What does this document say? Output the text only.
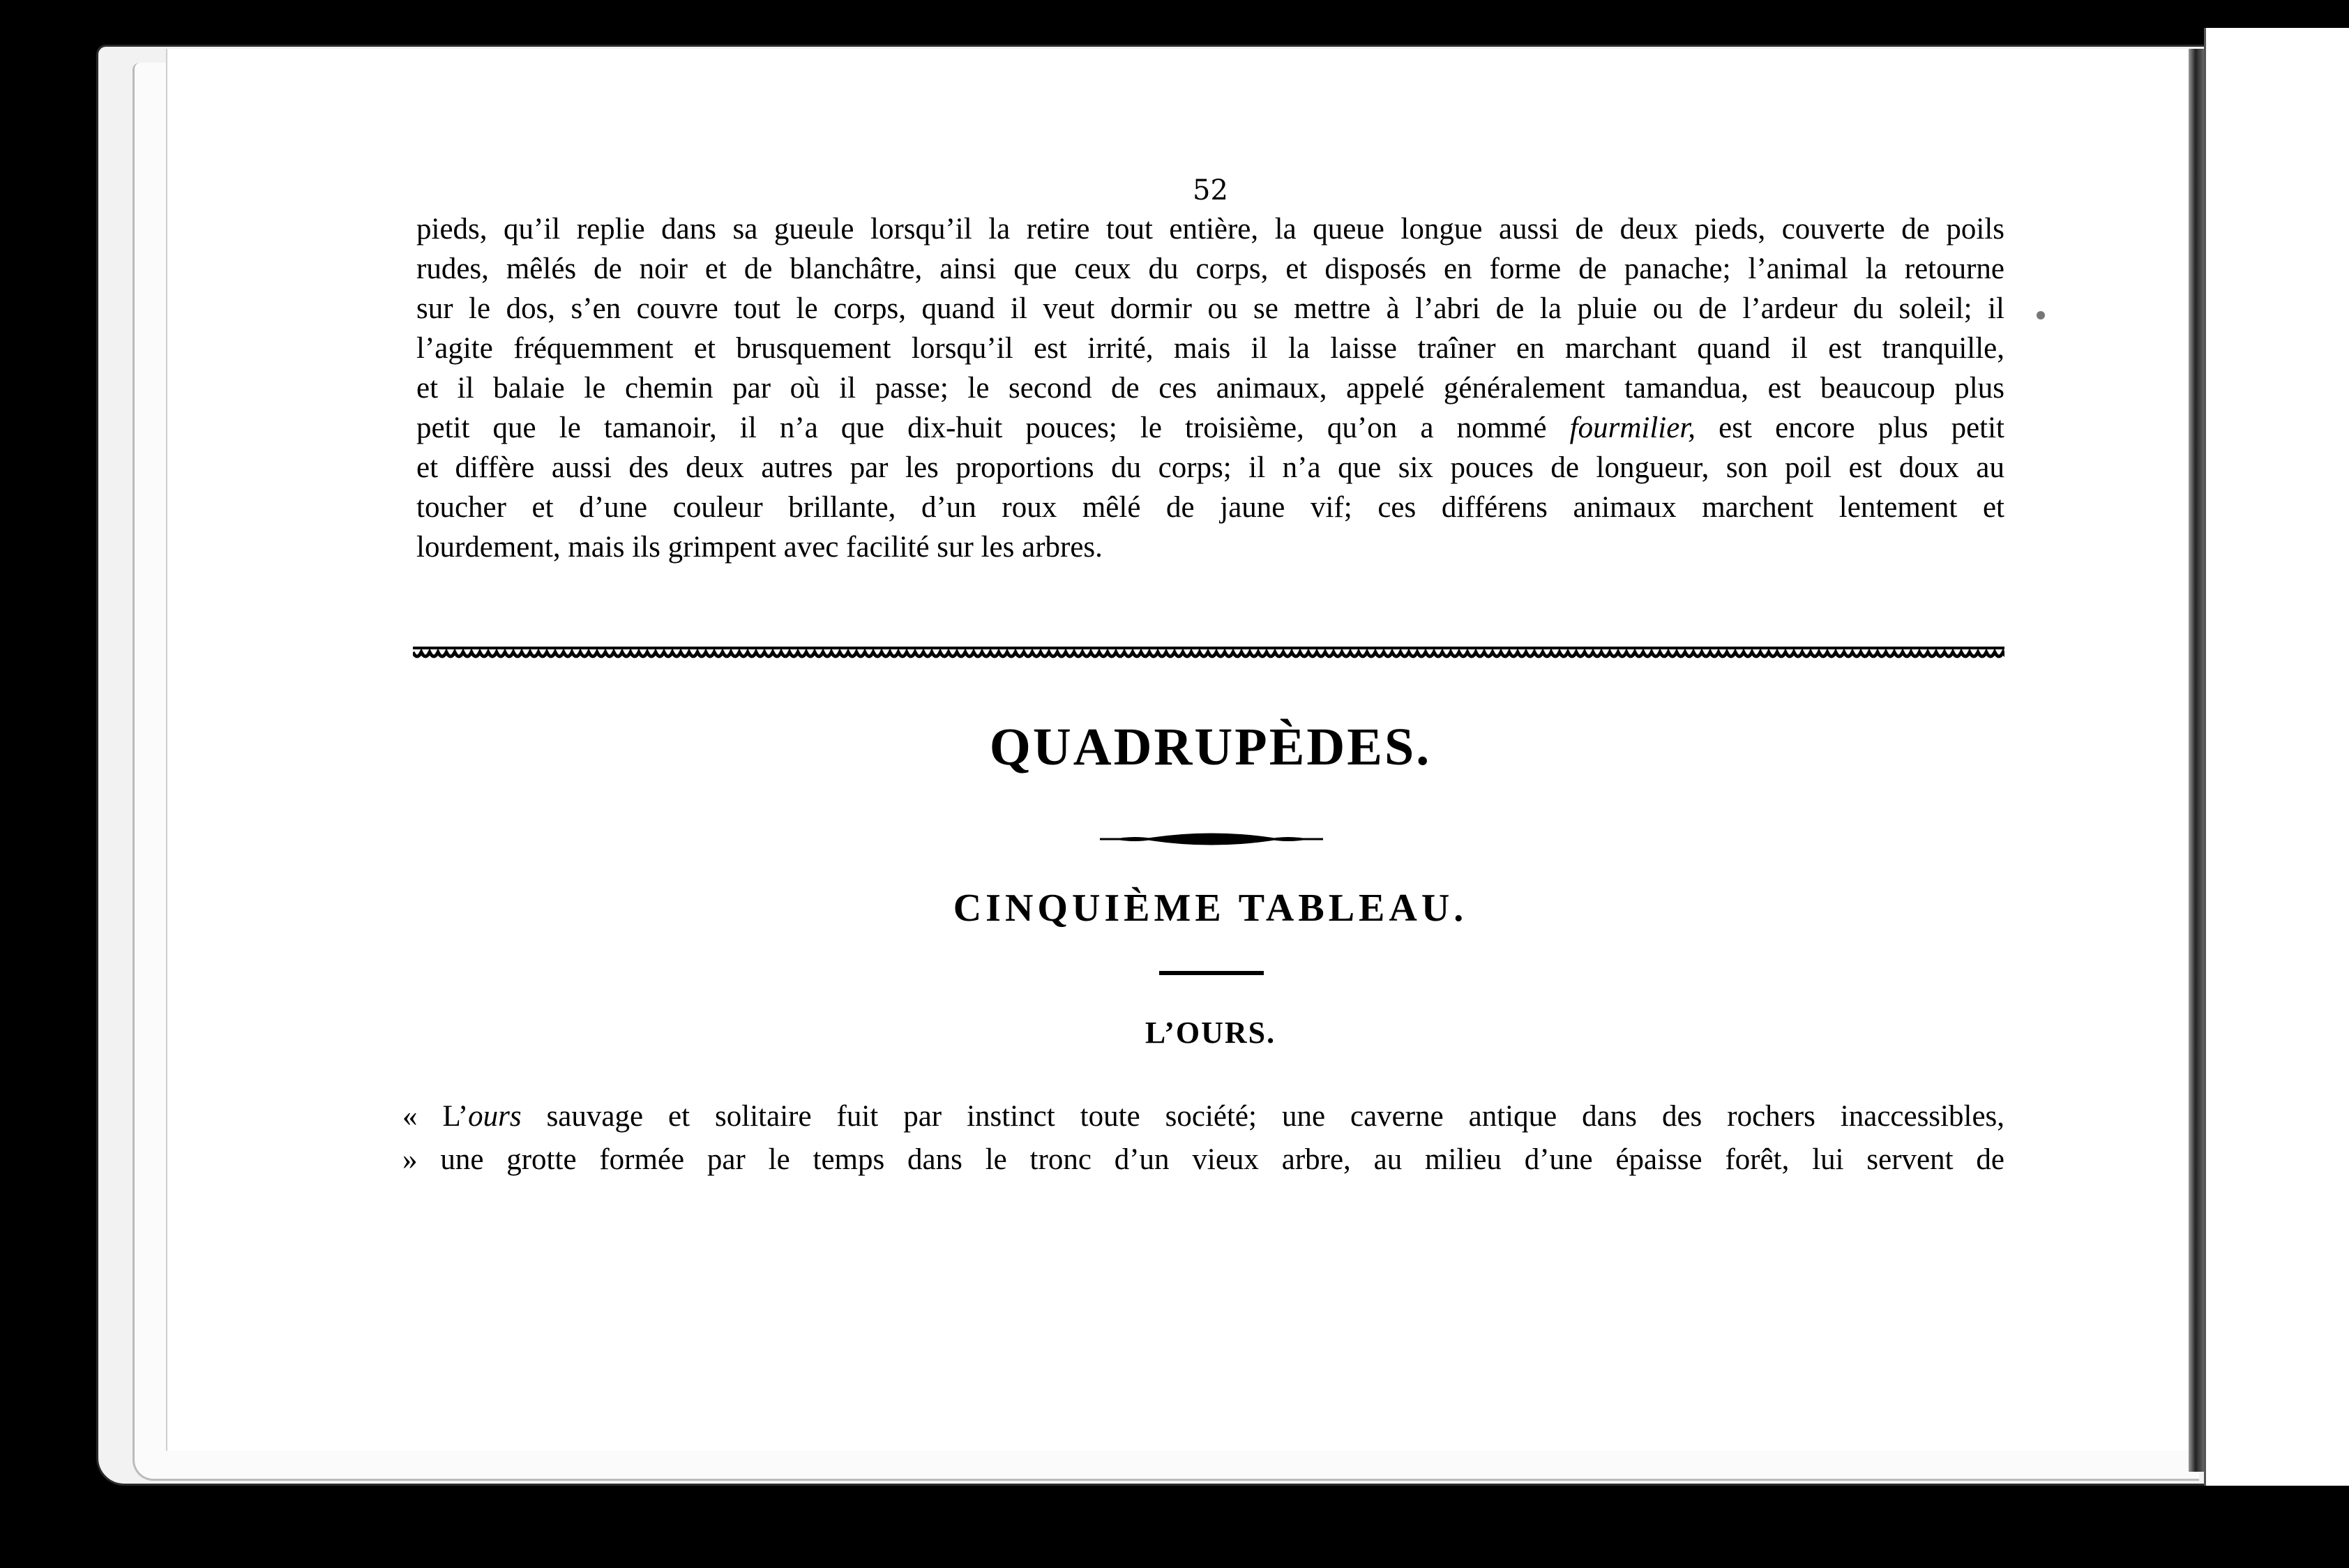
52
pieds, qu’il replie dans sa gueule lorsqu’il la retire tout entière, la queue longue aussi de deux pieds, couverte de poils
rudes, mêlés de noir et de blanchâtre, ainsi que ceux du corps, et disposés en forme de panache; l’animal la retourne
sur le dos, s’en couvre tout le corps, quand il veut dormir ou se mettre à l’abri de la pluie ou de l’ardeur du soleil; il
l’agite fréquemment et brusquement lorsqu’il est irrité, mais il la laisse traîner en marchant quand il est tranquille,
et il balaie le chemin par où il passe; le second de ces animaux, appelé généralement tamandua, est beaucoup plus
petit que le tamanoir, il n’a que dix-huit pouces; le troisième, qu’on a nommé fourmilier, est encore plus petit
et diffère aussi des deux autres par les proportions du corps; il n’a que six pouces de longueur, son poil est doux au
toucher et d’une couleur brillante, d’un roux mêlé de jaune vif; ces différens animaux marchent lentement et
lourdement, mais ils grimpent avec facilité sur les arbres.
QUADRUPÈDES.
CINQUIÈME TABLEAU.
L’OURS.
« L’ours sauvage et solitaire fuit par instinct toute société; une caverne antique dans des rochers inaccessibles,
» une grotte formée par le temps dans le tronc d’un vieux arbre, au milieu d’une épaisse forêt, lui servent de
